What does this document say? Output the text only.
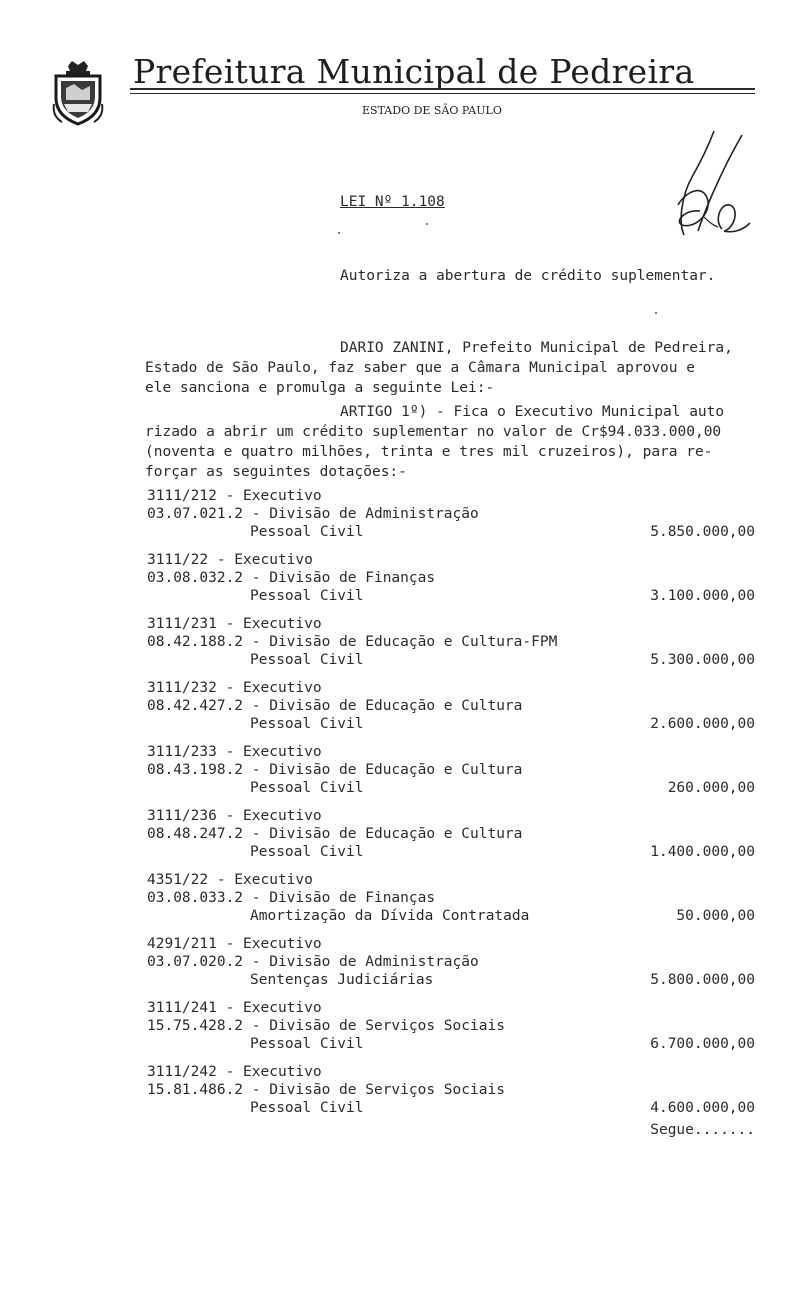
Prefeitura Municipal de Pedreira
ESTADO DE SÃO PAULO
LEI Nº 1.108
Autoriza a abertura de crédito suplementar.
DARIO ZANINI, Prefeito Municipal de Pedreira,
Estado de São Paulo, faz saber que a Câmara Municipal aprovou e
ele sanciona e promulga a seguinte Lei:-
ARTIGO 1º) - Fica o Executivo Municipal auto
rizado a abrir um crédito suplementar no valor de Cr$94.033.000,00
(noventa e quatro milhões, trinta e tres mil cruzeiros), para re-
forçar as seguintes dotações:-
3111/212 - Executivo
03.07.021.2 - Divisão de Administração
Pessoal Civil	5.850.000,00
3111/22 - Executivo
03.08.032.2 - Divisão de Finanças
Pessoal Civil	3.100.000,00
3111/231 - Executivo
08.42.188.2 - Divisão de Educação e Cultura-FPM
Pessoal Civil	5.300.000,00
3111/232 - Executivo
08.42.427.2 - Divisão de Educação e Cultura
Pessoal Civil	2.600.000,00
3111/233 - Executivo
08.43.198.2 - Divisão de Educação e Cultura
Pessoal Civil	260.000,00
3111/236 - Executivo
08.48.247.2 - Divisão de Educação e Cultura
Pessoal Civil	1.400.000,00
4351/22 - Executivo
03.08.033.2 - Divisão de Finanças
Amortização da Dívida Contratada	50.000,00
4291/211 - Executivo
03.07.020.2 - Divisão de Administração
Sentenças Judiciárias	5.800.000,00
3111/241 - Executivo
15.75.428.2 - Divisão de Serviços Sociais
Pessoal Civil	6.700.000,00
3111/242 - Executivo
15.81.486.2 - Divisão de Serviços Sociais
Pessoal Civil	4.600.000,00
Segue.......
